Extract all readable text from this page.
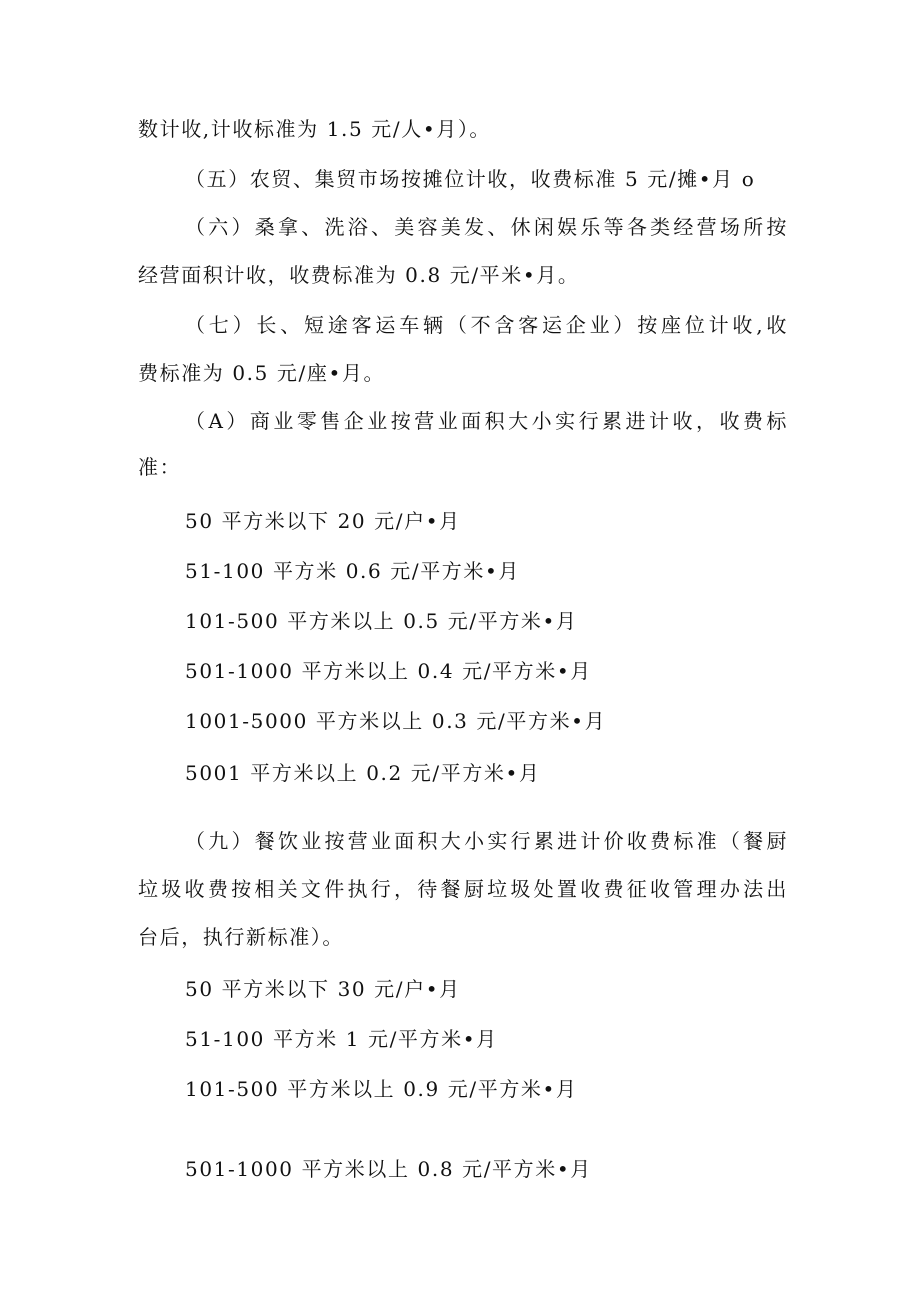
数计收,计收标准为 1.5 元/人•月）。
（五）农贸、集贸市场按摊位计收，收费标准 5 元/摊•月 o
（六）桑拿、洗浴、美容美发、休闲娱乐等各类经营场所按
经营面积计收，收费标准为 0.8 元/平米•月。
（七）长、短途客运车辆（不含客运企业）按座位计收,收
费标准为 0.5 元/座•月。
（A）商业零售企业按营业面积大小实行累进计收，收费标
准：
50 平方米以下 20 元/户•月
51-100 平方米 0.6 元/平方米•月
101-500 平方米以上 0.5 元/平方米•月
501-1000 平方米以上 0.4 元/平方米•月
1001-5000 平方米以上 0.3 元/平方米•月
5001 平方米以上 0.2 元/平方米•月
（九）餐饮业按营业面积大小实行累进计价收费标准（餐厨
垃圾收费按相关文件执行，待餐厨垃圾处置收费征收管理办法出
台后，执行新标准）。
50 平方米以下 30 元/户•月
51-100 平方米 1 元/平方米•月
101-500 平方米以上 0.9 元/平方米•月
501-1000 平方米以上 0.8 元/平方米•月
